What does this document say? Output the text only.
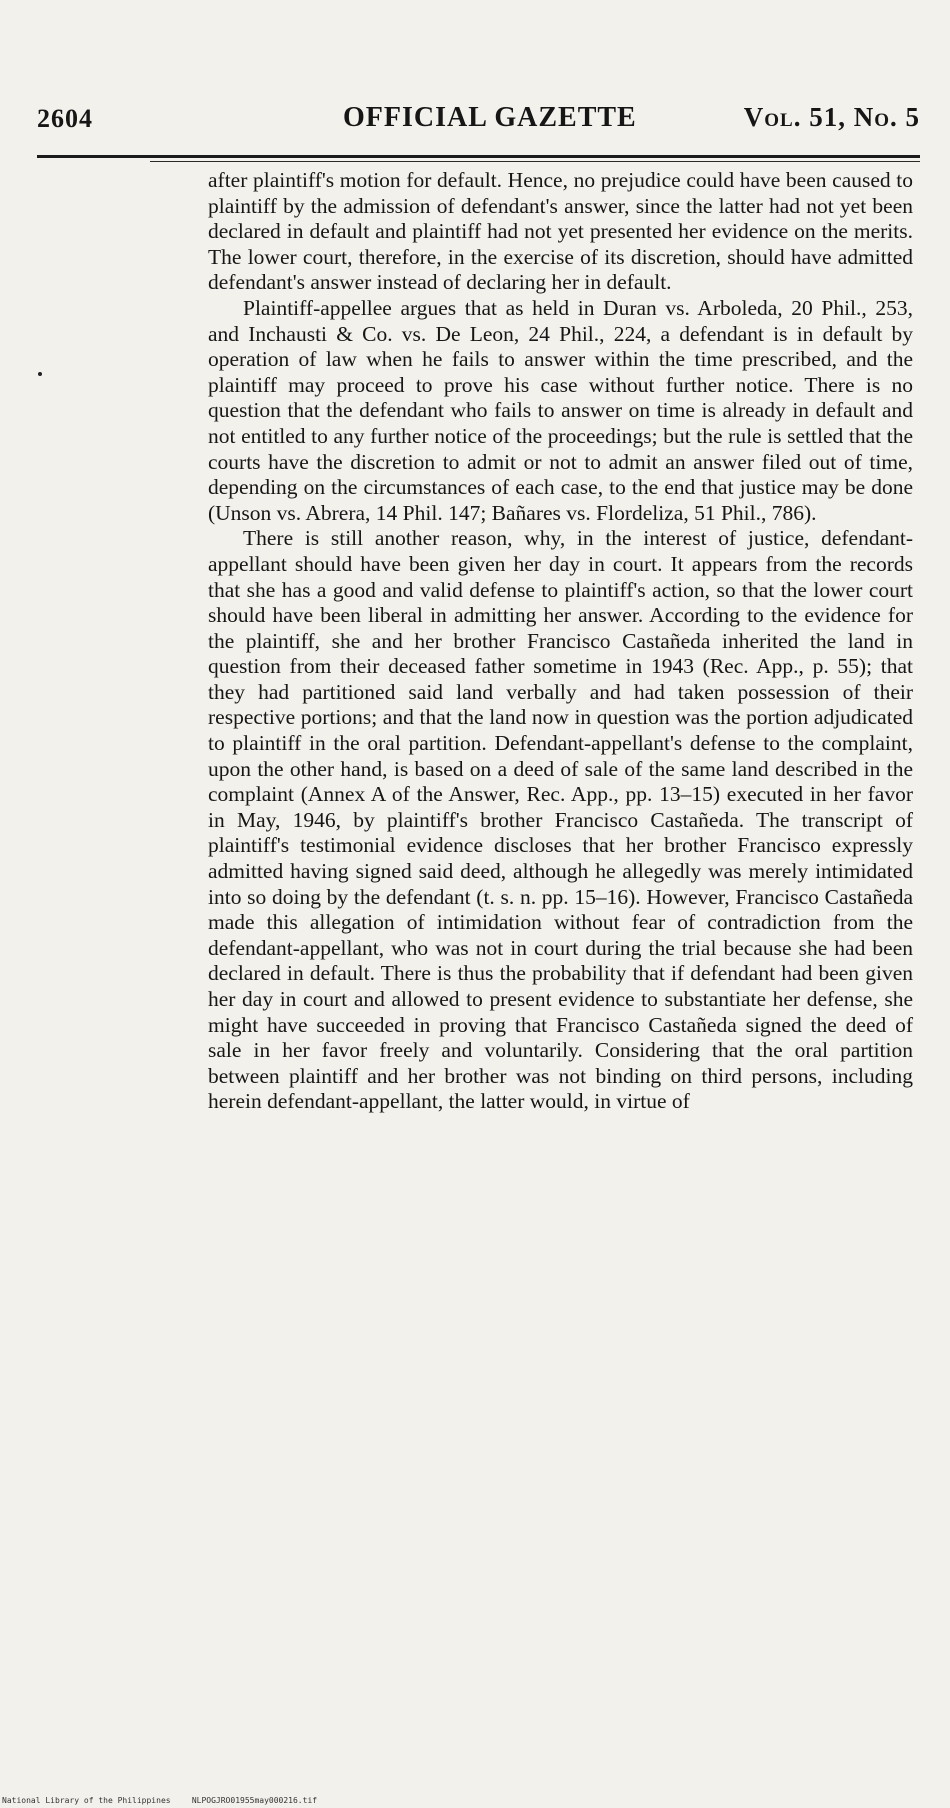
2604	OFFICIAL GAZETTE	Vol. 51, No. 5

after plaintiff's motion for default. Hence, no prejudice could have been caused to plaintiff by the admission of defendant's answer, since the latter had not yet been declared in default and plaintiff had not yet presented her evidence on the merits. The lower court, therefore, in the exercise of its discretion, should have admitted defendant's answer instead of declaring her in default.

Plaintiff-appellee argues that as held in Duran vs. Arboleda, 20 Phil., 253, and Inchausti & Co. vs. De Leon, 24 Phil., 224, a defendant is in default by operation of law when he fails to answer within the time prescribed, and the plaintiff may proceed to prove his case without further notice. There is no question that the defendant who fails to answer on time is already in default and not entitled to any further notice of the proceedings; but the rule is settled that the courts have the discretion to admit or not to admit an answer filed out of time, depending on the circumstances of each case, to the end that justice may be done (Unson vs. Abrera, 14 Phil. 147; Bañares vs. Flordeliza, 51 Phil., 786).

There is still another reason, why, in the interest of justice, defendant-appellant should have been given her day in court. It appears from the records that she has a good and valid defense to plaintiff's action, so that the lower court should have been liberal in admitting her answer. According to the evidence for the plaintiff, she and her brother Francisco Castañeda inherited the land in question from their deceased father sometime in 1943 (Rec. App., p. 55); that they had partitioned said land verbally and had taken possession of their respective portions; and that the land now in question was the portion adjudicated to plaintiff in the oral partition. Defendant-appellant's defense to the complaint, upon the other hand, is based on a deed of sale of the same land described in the complaint (Annex A of the Answer, Rec. App., pp. 13–15) executed in her favor in May, 1946, by plaintiff's brother Francisco Castañeda. The transcript of plaintiff's testimonial evidence discloses that her brother Francisco expressly admitted having signed said deed, although he allegedly was merely intimidated into so doing by the defendant (t. s. n. pp. 15–16). However, Francisco Castañeda made this allegation of intimidation without fear of contradiction from the defendant-appellant, who was not in court during the trial because she had been declared in default. There is thus the probability that if defendant had been given her day in court and allowed to present evidence to substantiate her defense, she might have succeeded in proving that Francisco Castañeda signed the deed of sale in her favor freely and voluntarily. Considering that the oral partition between plaintiff and her brother was not binding on third persons, including herein defendant-appellant, the latter would, in virtue of

National Library of the Philippines	NLPOGJRO01955may000216.tif
